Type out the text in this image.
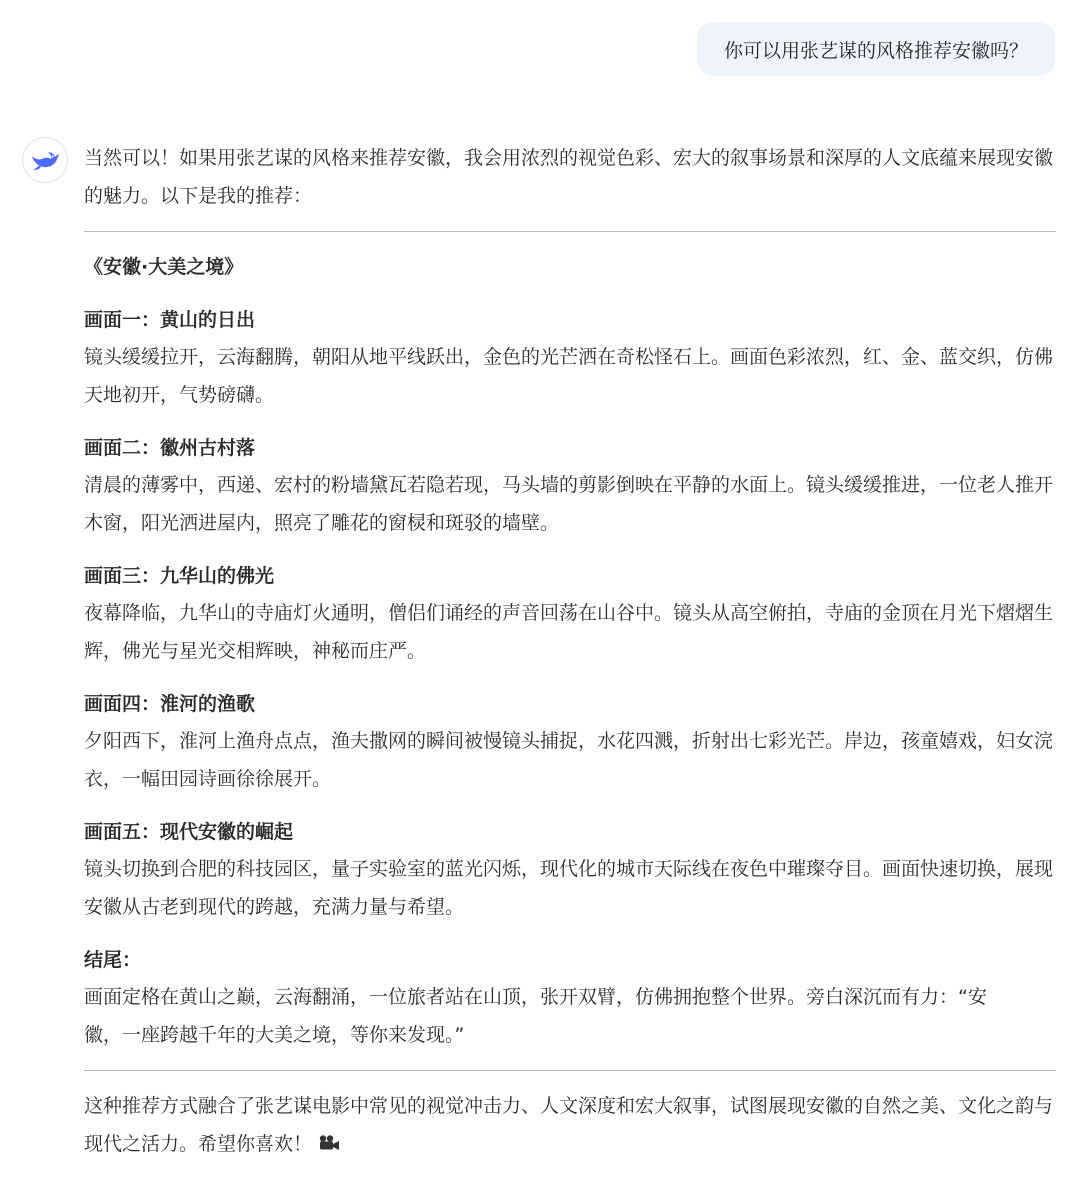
你可以用张艺谋的风格推荐安徽吗？

当然可以！如果用张艺谋的风格来推荐安徽，我会用浓烈的视觉色彩、宏大的叙事场景和深厚的人文底蕴来展现安徽的魅力。以下是我的推荐：

《安徽·大美之境》

画面一：黄山的日出

镜头缓缓拉开，云海翻腾，朝阳从地平线跃出，金色的光芒洒在奇松怪石上。画面色彩浓烈，红、金、蓝交织，仿佛天地初开，气势磅礴。

画面二：徽州古村落

清晨的薄雾中，西递、宏村的粉墙黛瓦若隐若现，马头墙的剪影倒映在平静的水面上。镜头缓缓推进，一位老人推开木窗，阳光洒进屋内，照亮了雕花的窗棂和斑驳的墙壁。

画面三：九华山的佛光

夜幕降临，九华山的寺庙灯火通明，僧侣们诵经的声音回荡在山谷中。镜头从高空俯拍，寺庙的金顶在月光下熠熠生辉，佛光与星光交相辉映，神秘而庄严。

画面四：淮河的渔歌

夕阳西下，淮河上渔舟点点，渔夫撒网的瞬间被慢镜头捕捉，水花四溅，折射出七彩光芒。岸边，孩童嬉戏，妇女浣衣，一幅田园诗画徐徐展开。

画面五：现代安徽的崛起

镜头切换到合肥的科技园区，量子实验室的蓝光闪烁，现代化的城市天际线在夜色中璀璨夺目。画面快速切换，展现安徽从古老到现代的跨越，充满力量与希望。

结尾：

画面定格在黄山之巅，云海翻涌，一位旅者站在山顶，张开双臂，仿佛拥抱整个世界。旁白深沉而有力：“安徽，一座跨越千年的大美之境，等你来发现。”

这种推荐方式融合了张艺谋电影中常见的视觉冲击力、人文深度和宏大叙事，试图展现安徽的自然之美、文化之韵与现代之活力。希望你喜欢！
